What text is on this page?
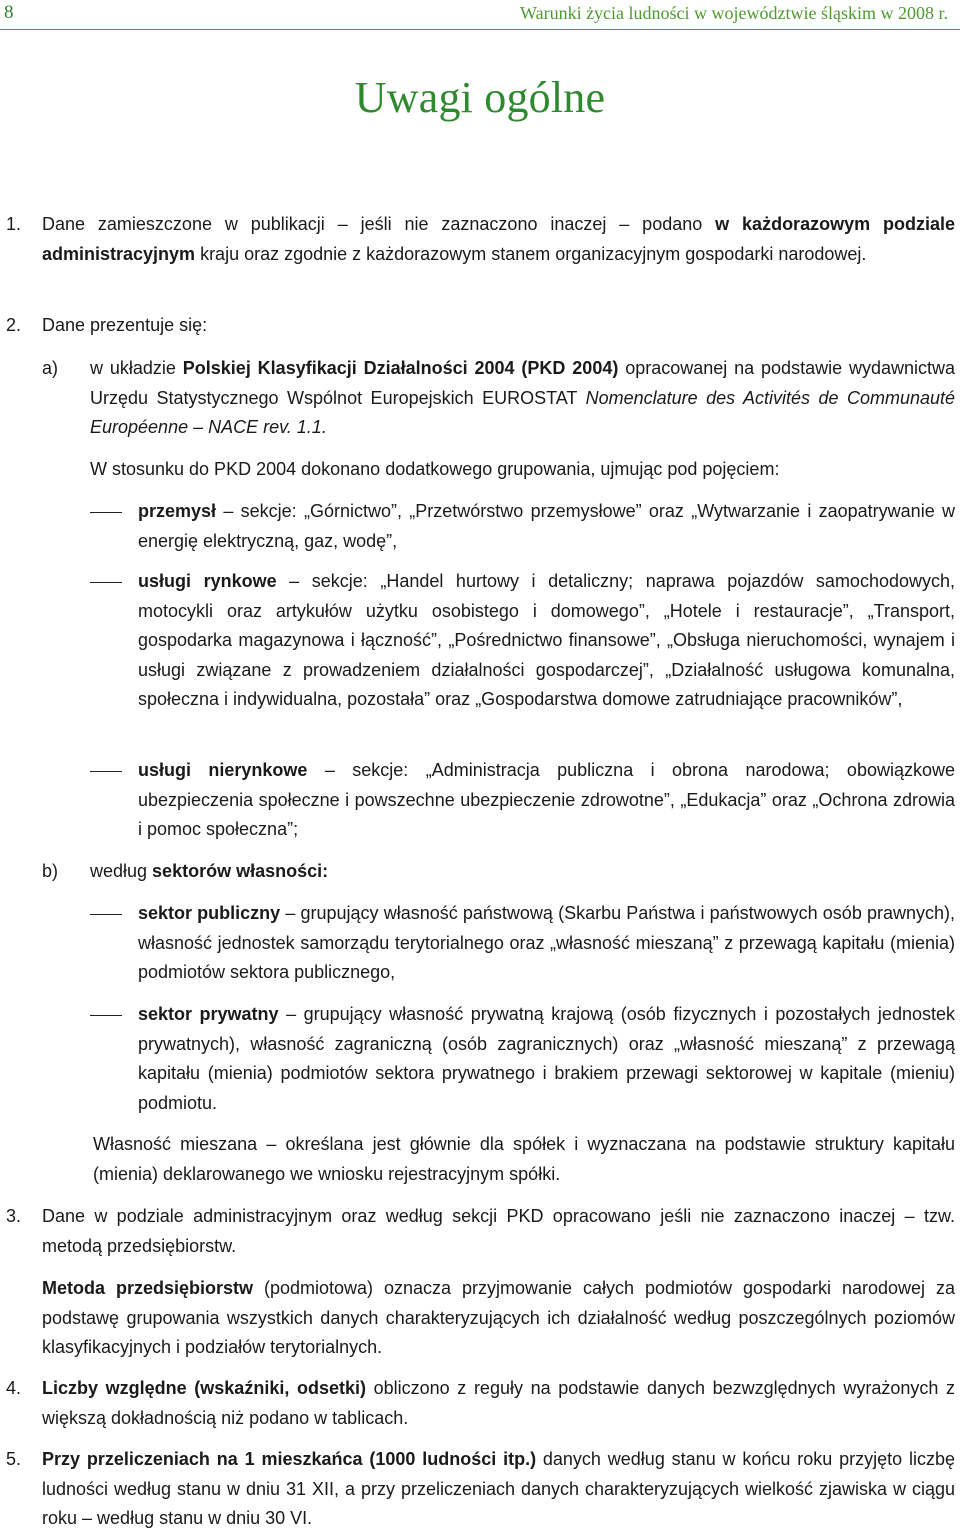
8	Warunki życia ludności w województwie śląskim w 2008 r.
Uwagi ogólne
1. Dane zamieszczone w publikacji – jeśli nie zaznaczono inaczej – podano w każdorazowym podziale administracyjnym kraju oraz zgodnie z każdorazowym stanem organizacyjnym gospodarki narodowej.

2. Dane prezentuje się:

a) w układzie Polskiej Klasyfikacji Działalności 2004 (PKD 2004) opracowanej na podstawie wydawnictwa Urzędu Statystycznego Wspólnot Europejskich EUROSTAT Nomenclature des Activités de Communauté Européenne – NACE rev. 1.1.

W stosunku do PKD 2004 dokonano dodatkowego grupowania, ujmując pod pojęciem:

przemysł – sekcje: „Górnictwo”, „Przetwórstwo przemysłowe” oraz „Wytwarzanie i zaopatrywanie w energię elektryczną, gaz, wodę”,

usługi rynkowe – sekcje: „Handel hurtowy i detaliczny; naprawa pojazdów samochodowych, motocykli oraz artykułów użytku osobistego i domowego”, „Hotele i restauracje”, „Transport, gospodarka magazynowa i łączność”, „Pośrednictwo finansowe”, „Obsługa nieruchomości, wynajem i usługi związane z prowadzeniem działalności gospodarczej”, „Działalność usługowa komunalna, społeczna i indywidualna, pozostała” oraz „Gospodarstwa domowe zatrudniające pracowników”,

usługi nierynkowe – sekcje: „Administracja publiczna i obrona narodowa; obowiązkowe ubezpieczenia społeczne i powszechne ubezpieczenie zdrowotne”, „Edukacja” oraz „Ochrona zdrowia i pomoc społeczna”;

b) według sektorów własności:

sektor publiczny – grupujący własność państwową (Skarbu Państwa i państwowych osób prawnych), własność jednostek samorządu terytorialnego oraz „własność mieszaną” z przewagą kapitału (mienia) podmiotów sektora publicznego,

sektor prywatny – grupujący własność prywatną krajową (osób fizycznych i pozostałych jednostek prywatnych), własność zagraniczną (osób zagranicznych) oraz „własność mieszaną” z przewagą kapitału (mienia) podmiotów sektora prywatnego i brakiem przewagi sektorowej w kapitale (mieniu) podmiotu.

Własność mieszana – określana jest głównie dla spółek i wyznaczana na podstawie struktury kapitału (mienia) deklarowanego we wniosku rejestracyjnym spółki.

3. Dane w podziale administracyjnym oraz według sekcji PKD opracowano jeśli nie zaznaczono inaczej – tzw. metodą przedsiębiorstw.

Metoda przedsiębiorstw (podmiotowa) oznacza przyjmowanie całych podmiotów gospodarki narodowej za podstawę grupowania wszystkich danych charakteryzujących ich działalność według poszczególnych poziomów klasyfikacyjnych i podziałów terytorialnych.

4. Liczby względne (wskaźniki, odsetki) obliczono z reguły na podstawie danych bezwzględnych wyrażonych z większą dokładnością niż podano w tablicach.

5. Przy przeliczeniach na 1 mieszkańca (1000 ludności itp.) danych według stanu w końcu roku przyjęto liczbę ludności według stanu w dniu 31 XII, a przy przeliczeniach danych charakteryzujących wielkość zjawiska w ciągu roku – według stanu w dniu 30 VI.
